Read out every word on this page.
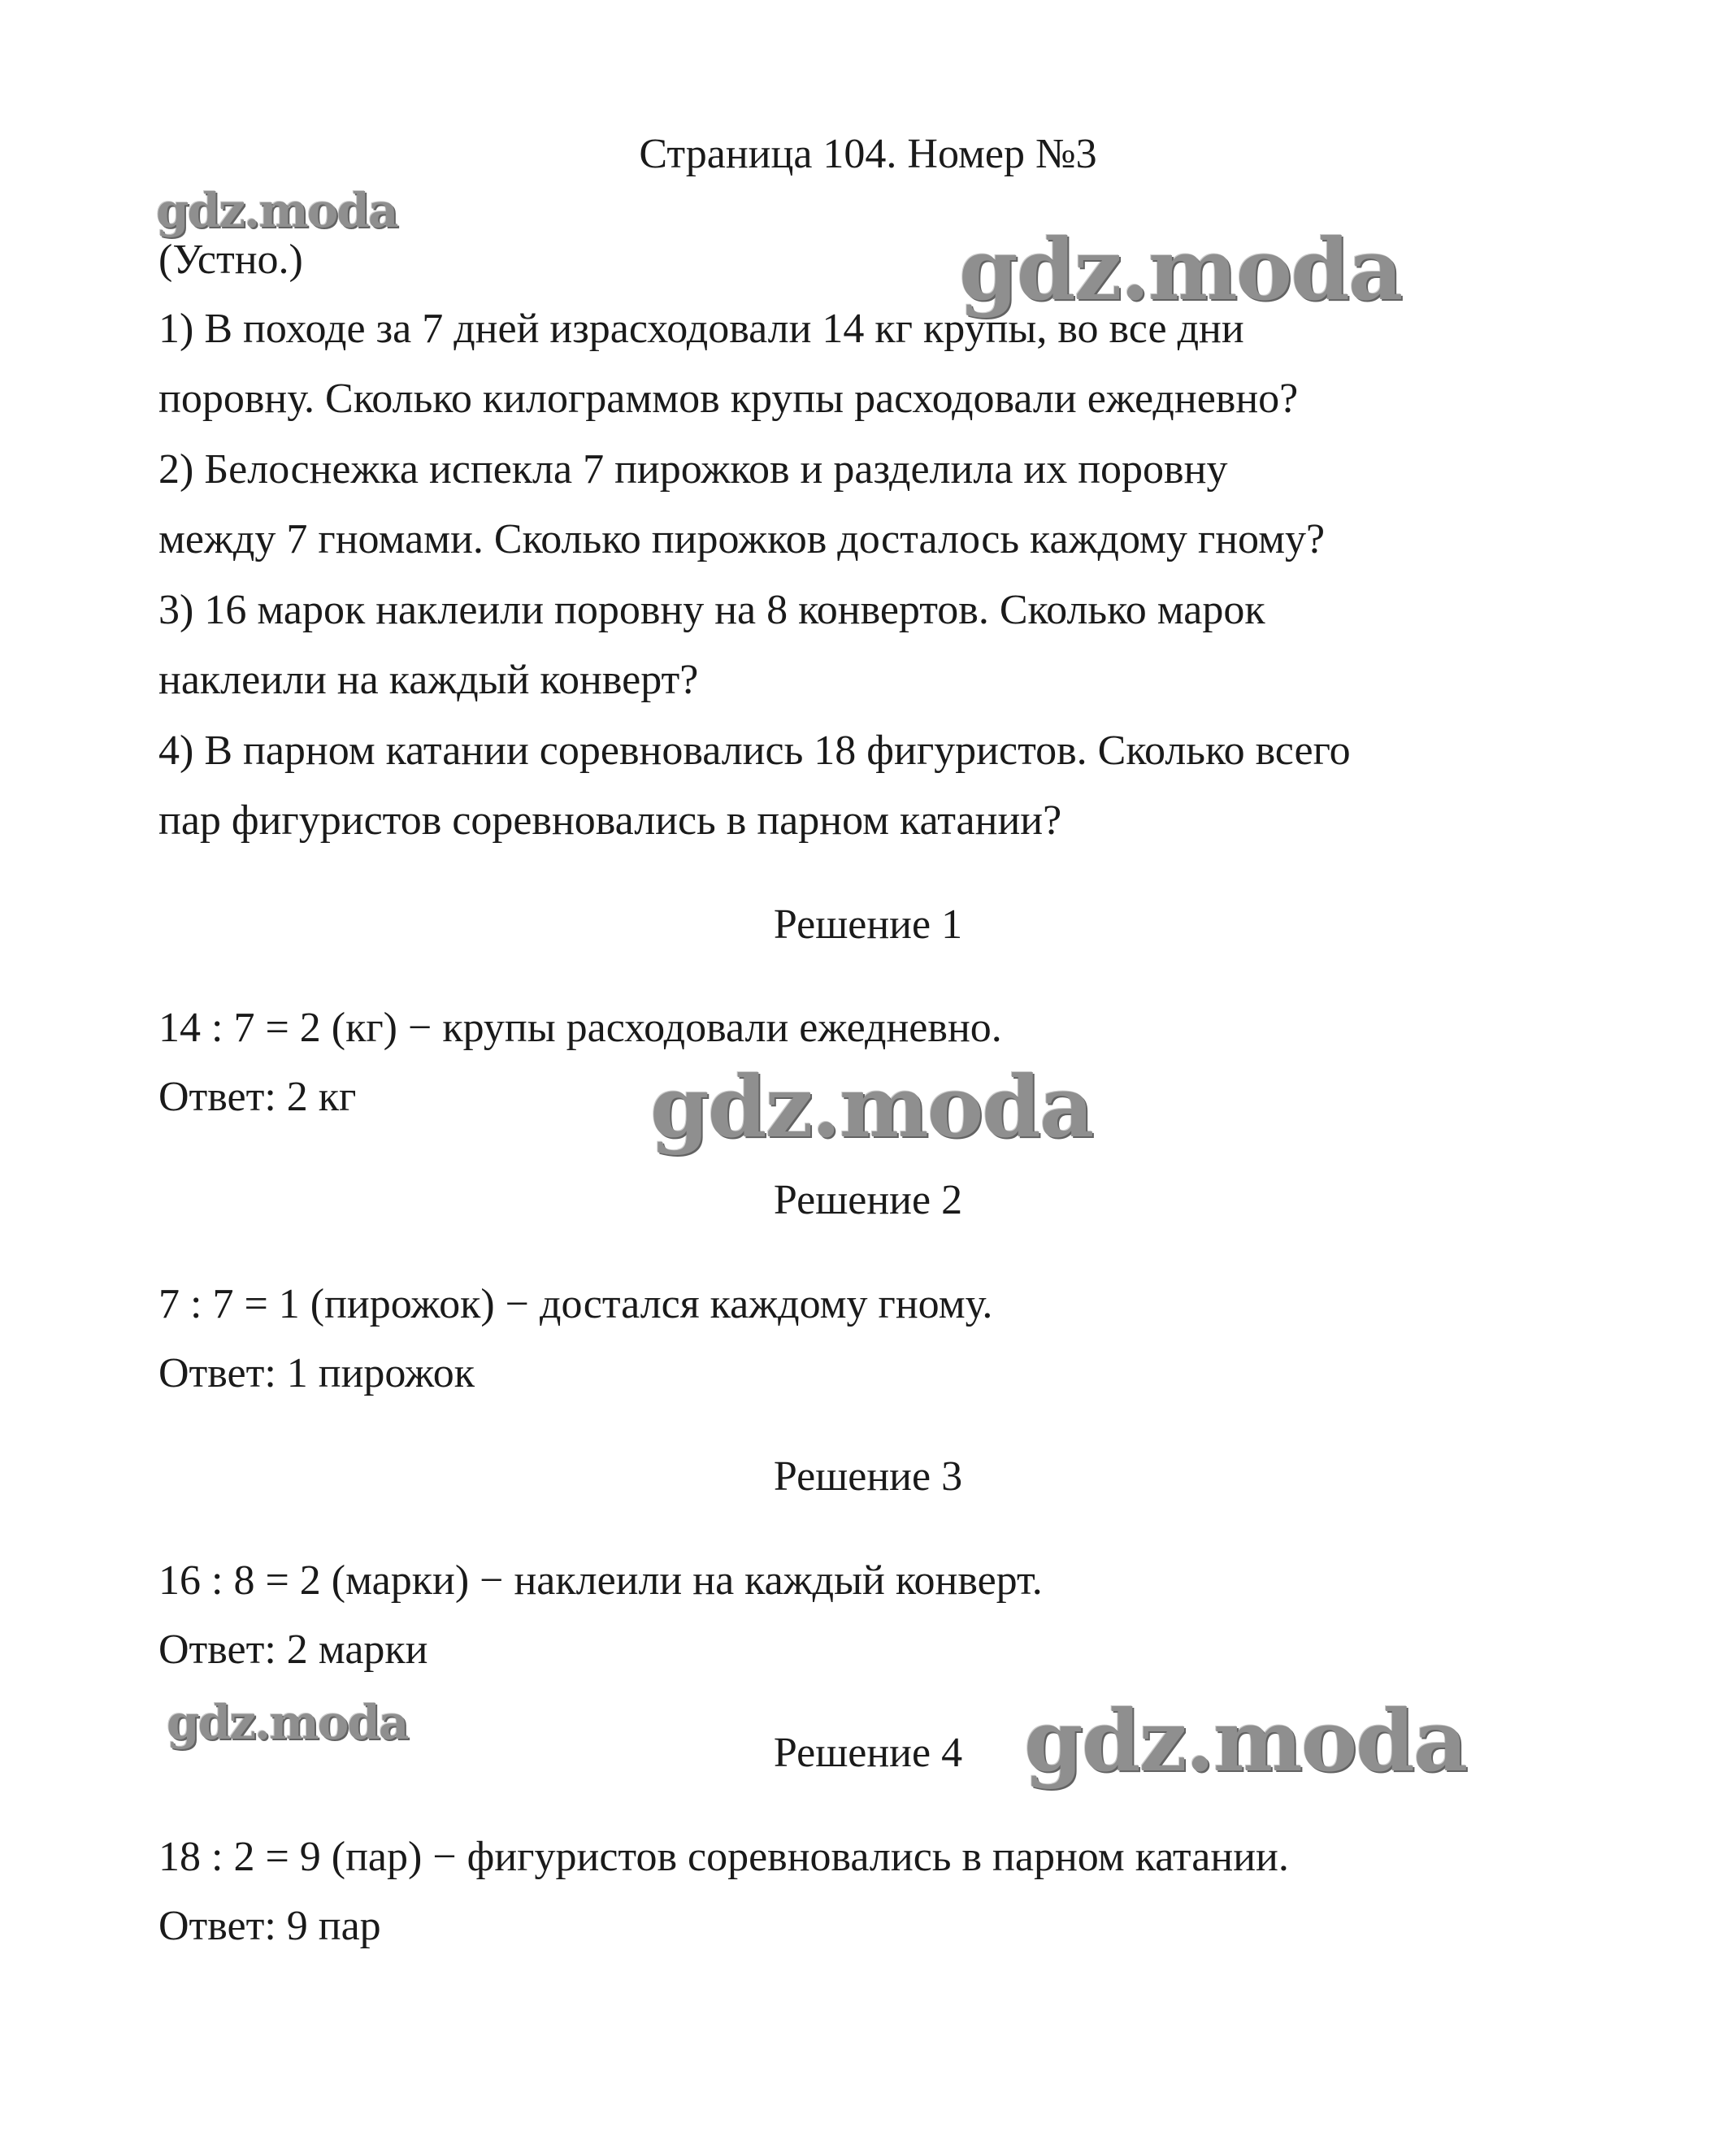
Страница 104. Номер №3
gdz.moda
gdz.moda
gdz.moda
gdz.moda	gdz.moda
(Устно.)
1) В походе за 7 дней израсходовали 14 кг крупы, во все дни
поровну. Сколько килограммов крупы расходовали ежедневно?
2) Белоснежка испекла 7 пирожков и разделила их поровну
между 7 гномами. Сколько пирожков досталось каждому гному?
3) 16 марок наклеили поровну на 8 конвертов. Сколько марок
наклеили на каждый конверт?
4) В парном катании соревновались 18 фигуристов. Сколько всего
пар фигуристов соревновались в парном катании?
Решение 1
14 : 7 = 2 (кг) − крупы расходовали ежедневно.
Ответ: 2 кг
Решение 2
7 : 7 = 1 (пирожок) − достался каждому гному.
Ответ: 1 пирожок
Решение 3
16 : 8 = 2 (марки) − наклеили на каждый конверт.
Ответ: 2 марки
Решение 4
18 : 2 = 9 (пар) − фигуристов соревновались в парном катании.
Ответ: 9 пар
